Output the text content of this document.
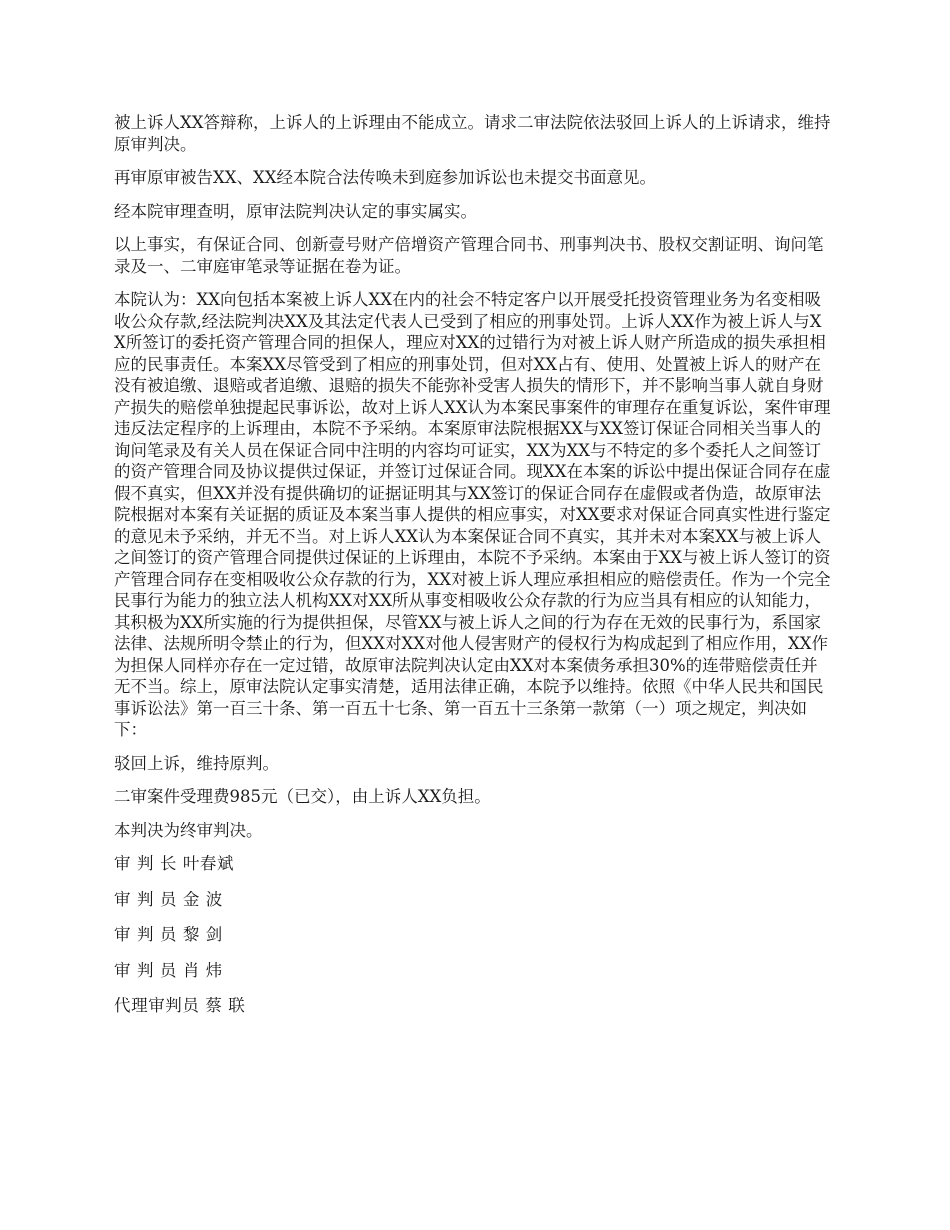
被上诉人XX答辩称，上诉人的上诉理由不能成立。请求二审法院依法驳回上诉人的上诉请求，维持原审判决。

再审原审被告XX、XX经本院合法传唤未到庭参加诉讼也未提交书面意见。

经本院审理查明，原审法院判决认定的事实属实。

以上事实，有保证合同、创新壹号财产倍增资产管理合同书、刑事判决书、股权交割证明、询问笔录及一、二审庭审笔录等证据在卷为证。

本院认为：XX向包括本案被上诉人XX在内的社会不特定客户以开展受托投资管理业务为名变相吸收公众存款,经法院判决XX及其法定代表人已受到了相应的刑事处罚。上诉人XX作为被上诉人与XX所签订的委托资产管理合同的担保人，理应对XX的过错行为对被上诉人财产所造成的损失承担相应的民事责任。本案XX尽管受到了相应的刑事处罚，但对XX占有、使用、处置被上诉人的财产在没有被追缴、退赔或者追缴、退赔的损失不能弥补受害人损失的情形下，并不影响当事人就自身财产损失的赔偿单独提起民事诉讼，故对上诉人XX认为本案民事案件的审理存在重复诉讼，案件审理违反法定程序的上诉理由，本院不予采纳。本案原审法院根据XX与XX签订保证合同相关当事人的询问笔录及有关人员在保证合同中注明的内容均可证实，XX为XX与不特定的多个委托人之间签订的资产管理合同及协议提供过保证，并签订过保证合同。现XX在本案的诉讼中提出保证合同存在虚假不真实，但XX并没有提供确切的证据证明其与XX签订的保证合同存在虚假或者伪造，故原审法院根据对本案有关证据的质证及本案当事人提供的相应事实，对XX要求对保证合同真实性进行鉴定的意见未予采纳，并无不当。对上诉人XX认为本案保证合同不真实，其并未对本案XX与被上诉人之间签订的资产管理合同提供过保证的上诉理由，本院不予采纳。本案由于XX与被上诉人签订的资产管理合同存在变相吸收公众存款的行为，XX对被上诉人理应承担相应的赔偿责任。作为一个完全民事行为能力的独立法人机构XX对XX所从事变相吸收公众存款的行为应当具有相应的认知能力，其积极为XX所实施的行为提供担保，尽管XX与被上诉人之间的行为存在无效的民事行为，系国家法律、法规所明令禁止的行为，但XX对XX对他人侵害财产的侵权行为构成起到了相应作用，XX作为担保人同样亦存在一定过错，故原审法院判决认定由XX对本案债务承担30%的连带赔偿责任并无不当。综上，原审法院认定事实清楚，适用法律正确，本院予以维持。依照《中华人民共和国民事诉讼法》第一百三十条、第一百五十七条、第一百五十三条第一款第（一）项之规定，判决如下：

驳回上诉，维持原判。

二审案件受理费985元（已交），由上诉人XX负担。

本判决为终审判决。

审 判 长 叶春斌

审 判 员 金 波

审 判 员 黎 剑

审 判 员 肖 炜

代理审判员 蔡 联
